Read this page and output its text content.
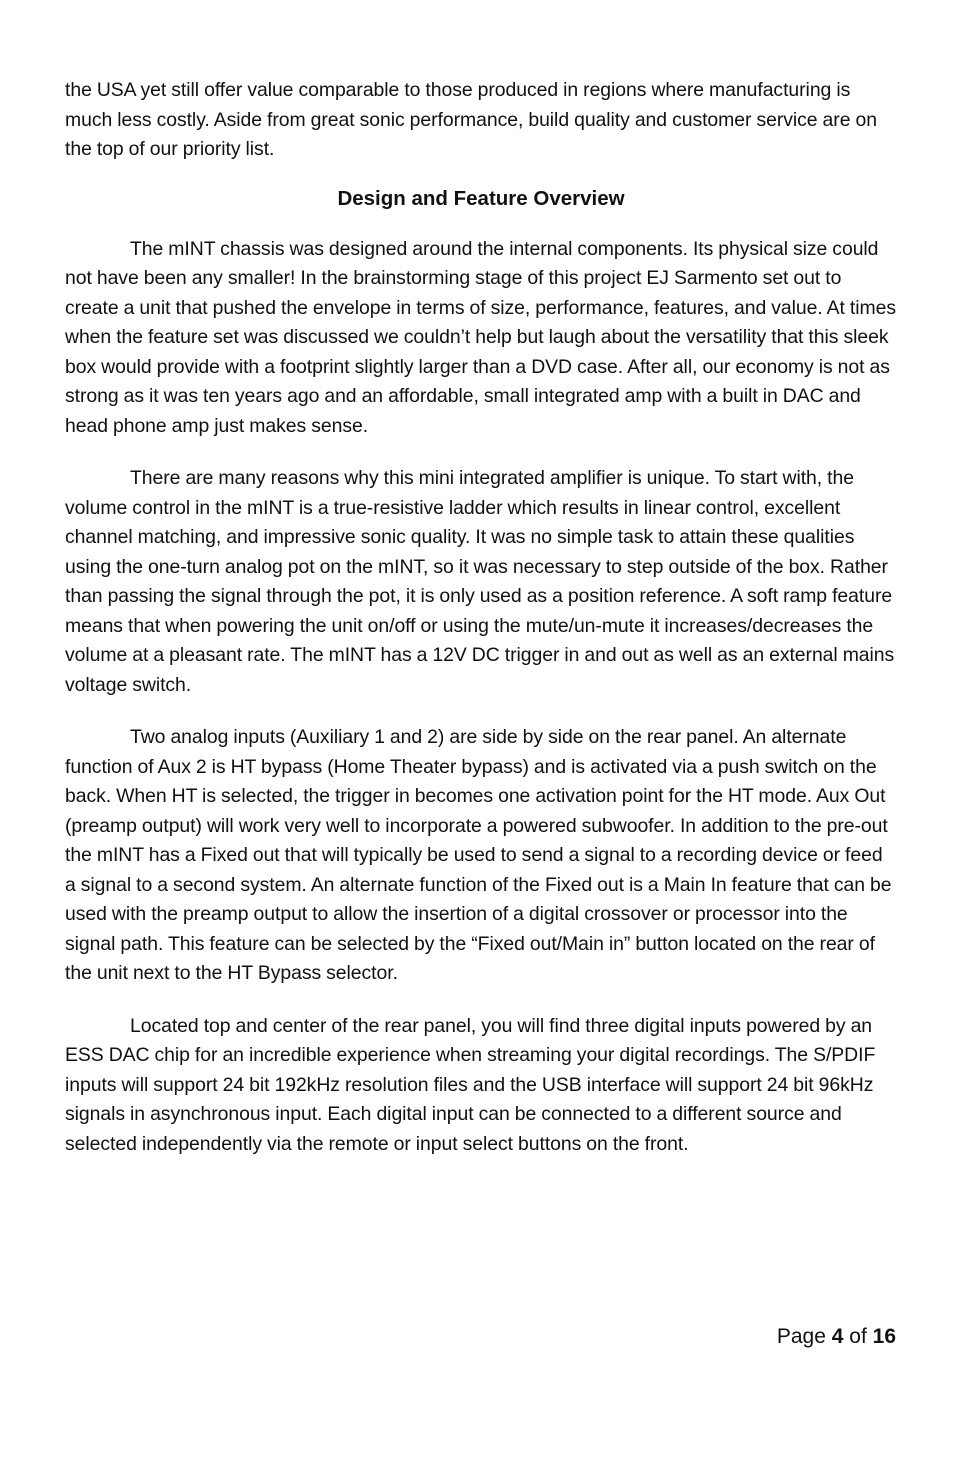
the USA yet still offer value comparable to those produced in regions where manufacturing is much less costly. Aside from great sonic performance, build quality and customer service are on the top of our priority list.

Design and Feature Overview

The mINT chassis was designed around the internal components. Its physical size could not have been any smaller! In the brainstorming stage of this project EJ Sarmento set out to create a unit that pushed the envelope in terms of size, performance, features, and value. At times when the feature set was discussed we couldn’t help but laugh about the versatility that this sleek box would provide with a footprint slightly larger than a DVD case. After all, our economy is not as strong as it was ten years ago and an affordable, small integrated amp with a built in DAC and head phone amp just makes sense.

There are many reasons why this mini integrated amplifier is unique. To start with, the volume control in the mINT is a true-resistive ladder which results in linear control, excellent channel matching, and impressive sonic quality. It was no simple task to attain these qualities using the one-turn analog pot on the mINT, so it was necessary to step outside of the box. Rather than passing the signal through the pot, it is only used as a position reference. A soft ramp feature means that when powering the unit on/off or using the mute/un-mute it increases/decreases the volume at a pleasant rate. The mINT has a 12V DC trigger in and out as well as an external mains voltage switch.

Two analog inputs (Auxiliary 1 and 2) are side by side on the rear panel. An alternate function of Aux 2 is HT bypass (Home Theater bypass) and is activated via a push switch on the back. When HT is selected, the trigger in becomes one activation point for the HT mode. Aux Out (preamp output) will work very well to incorporate a powered subwoofer. In addition to the pre-out the mINT has a Fixed out that will typically be used to send a signal to a recording device or feed a signal to a second system. An alternate function of the Fixed out is a Main In feature that can be used with the preamp output to allow the insertion of a digital crossover or processor into the signal path. This feature can be selected by the “Fixed out/Main in” button located on the rear of the unit next to the HT Bypass selector.

Located top and center of the rear panel, you will find three digital inputs powered by an ESS DAC chip for an incredible experience when streaming your digital recordings. The S/PDIF inputs will support 24 bit 192kHz resolution files and the USB interface will support 24 bit 96kHz signals in asynchronous input. Each digital input can be connected to a different source and selected independently via the remote or input select buttons on the front.

Page 4 of 16
